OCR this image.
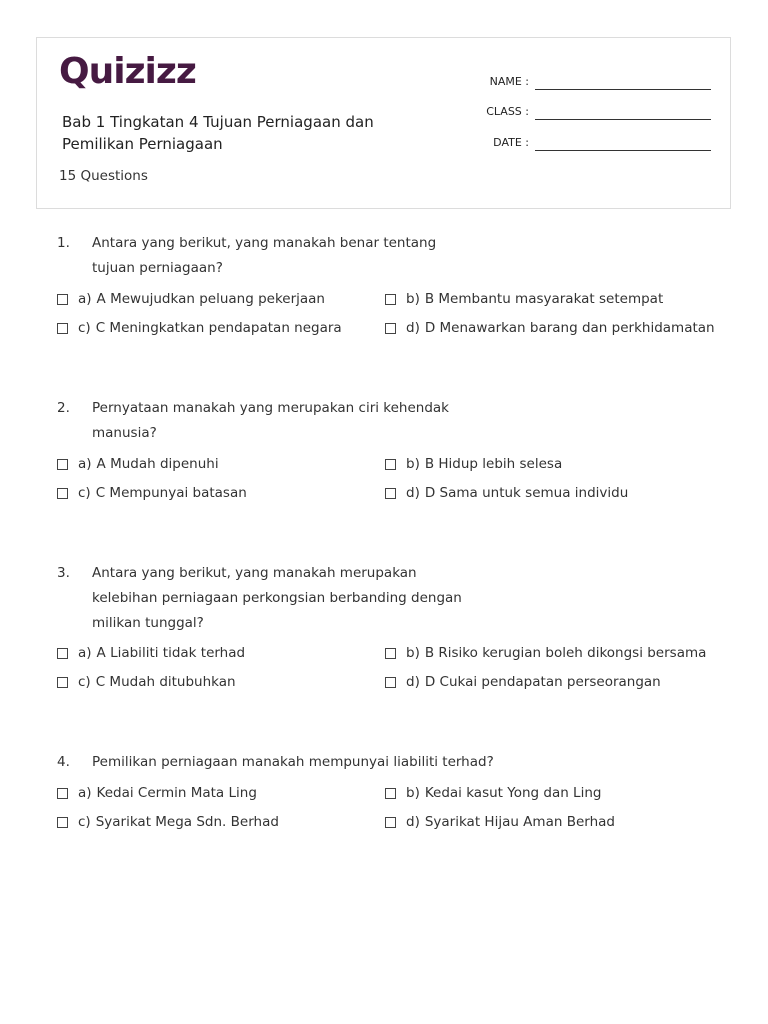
Quizizz
Bab 1 Tingkatan 4 Tujuan Perniagaan dan Pemilikan Perniagaan
15 Questions
NAME :
CLASS :
DATE :
1. Antara yang berikut, yang manakah benar tentang tujuan perniagaan?
a) A Mewujudkan peluang pekerjaan	b) B Membantu masyarakat setempat
c) C Meningkatkan pendapatan negara	d) D Menawarkan barang dan perkhidamatan
2. Pernyataan manakah yang merupakan ciri kehendak manusia?
a) A Mudah dipenuhi	b) B Hidup lebih selesa
c) C Mempunyai batasan	d) D Sama untuk semua individu
3. Antara yang berikut, yang manakah merupakan kelebihan perniagaan perkongsian berbanding dengan milikan tunggal?
a) A Liabiliti tidak terhad	b) B Risiko kerugian boleh dikongsi bersama
c) C Mudah ditubuhkan	d) D Cukai pendapatan perseorangan
4. Pemilikan perniagaan manakah mempunyai liabiliti terhad?
a) Kedai Cermin Mata Ling	b) Kedai kasut Yong dan Ling
c) Syarikat Mega Sdn. Berhad	d) Syarikat Hijau Aman Berhad
